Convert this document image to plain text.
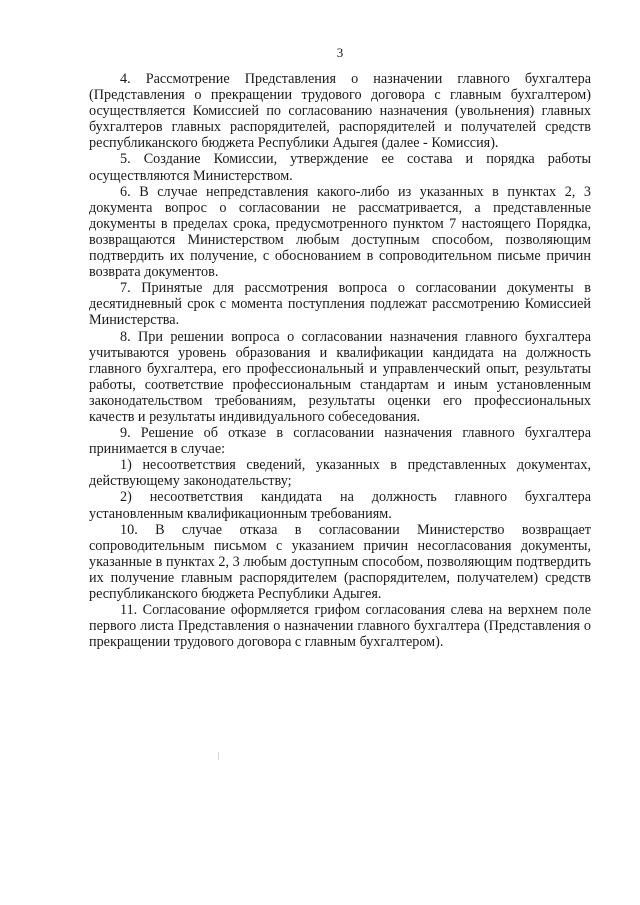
3

4. Рассмотрение Представления о назначении главного бухгалтера (Представления о прекращении трудового договора с главным бухгалтером) осуществляется Комиссией по согласованию назначения (увольнения) главных бухгалтеров главных распорядителей, распорядителей и получателей средств республиканского бюджета Республики Адыгея (далее - Комиссия).

5. Создание Комиссии, утверждение ее состава и порядка работы осуществляются Министерством.

6. В случае непредставления какого-либо из указанных в пунктах 2, 3 документа вопрос о согласовании не рассматривается, а представленные документы в пределах срока, предусмотренного пунктом 7 настоящего Порядка, возвращаются Министерством любым доступным способом, позволяющим подтвердить их получение, с обоснованием в сопроводительном письме причин возврата документов.

7. Принятые для рассмотрения вопроса о согласовании документы в десятидневный срок с момента поступления подлежат рассмотрению Комиссией Министерства.

8. При решении вопроса о согласовании назначения главного бухгалтера учитываются уровень образования и квалификации кандидата на должность главного бухгалтера, его профессиональный и управленческий опыт, результаты работы, соответствие профессиональным стандартам и иным установленным законодательством требованиям, результаты оценки его профессиональных качеств и результаты индивидуального собеседования.

9. Решение об отказе в согласовании назначения главного бухгалтера принимается в случае:

1) несоответствия сведений, указанных в представленных документах, действующему законодательству;

2) несоответствия кандидата на должность главного бухгалтера установленным квалификационным требованиям.

10. В случае отказа в согласовании Министерство возвращает сопроводительным письмом с указанием причин несогласования документы, указанные в пунктах 2, 3 любым доступным способом, позволяющим подтвердить их получение главным распорядителем (распорядителем, получателем) средств республиканского бюджета Республики Адыгея.

11. Согласование оформляется грифом согласования слева на верхнем поле первого листа Представления о назначении главного бухгалтера (Представления о прекращении трудового договора с главным бухгалтером).
